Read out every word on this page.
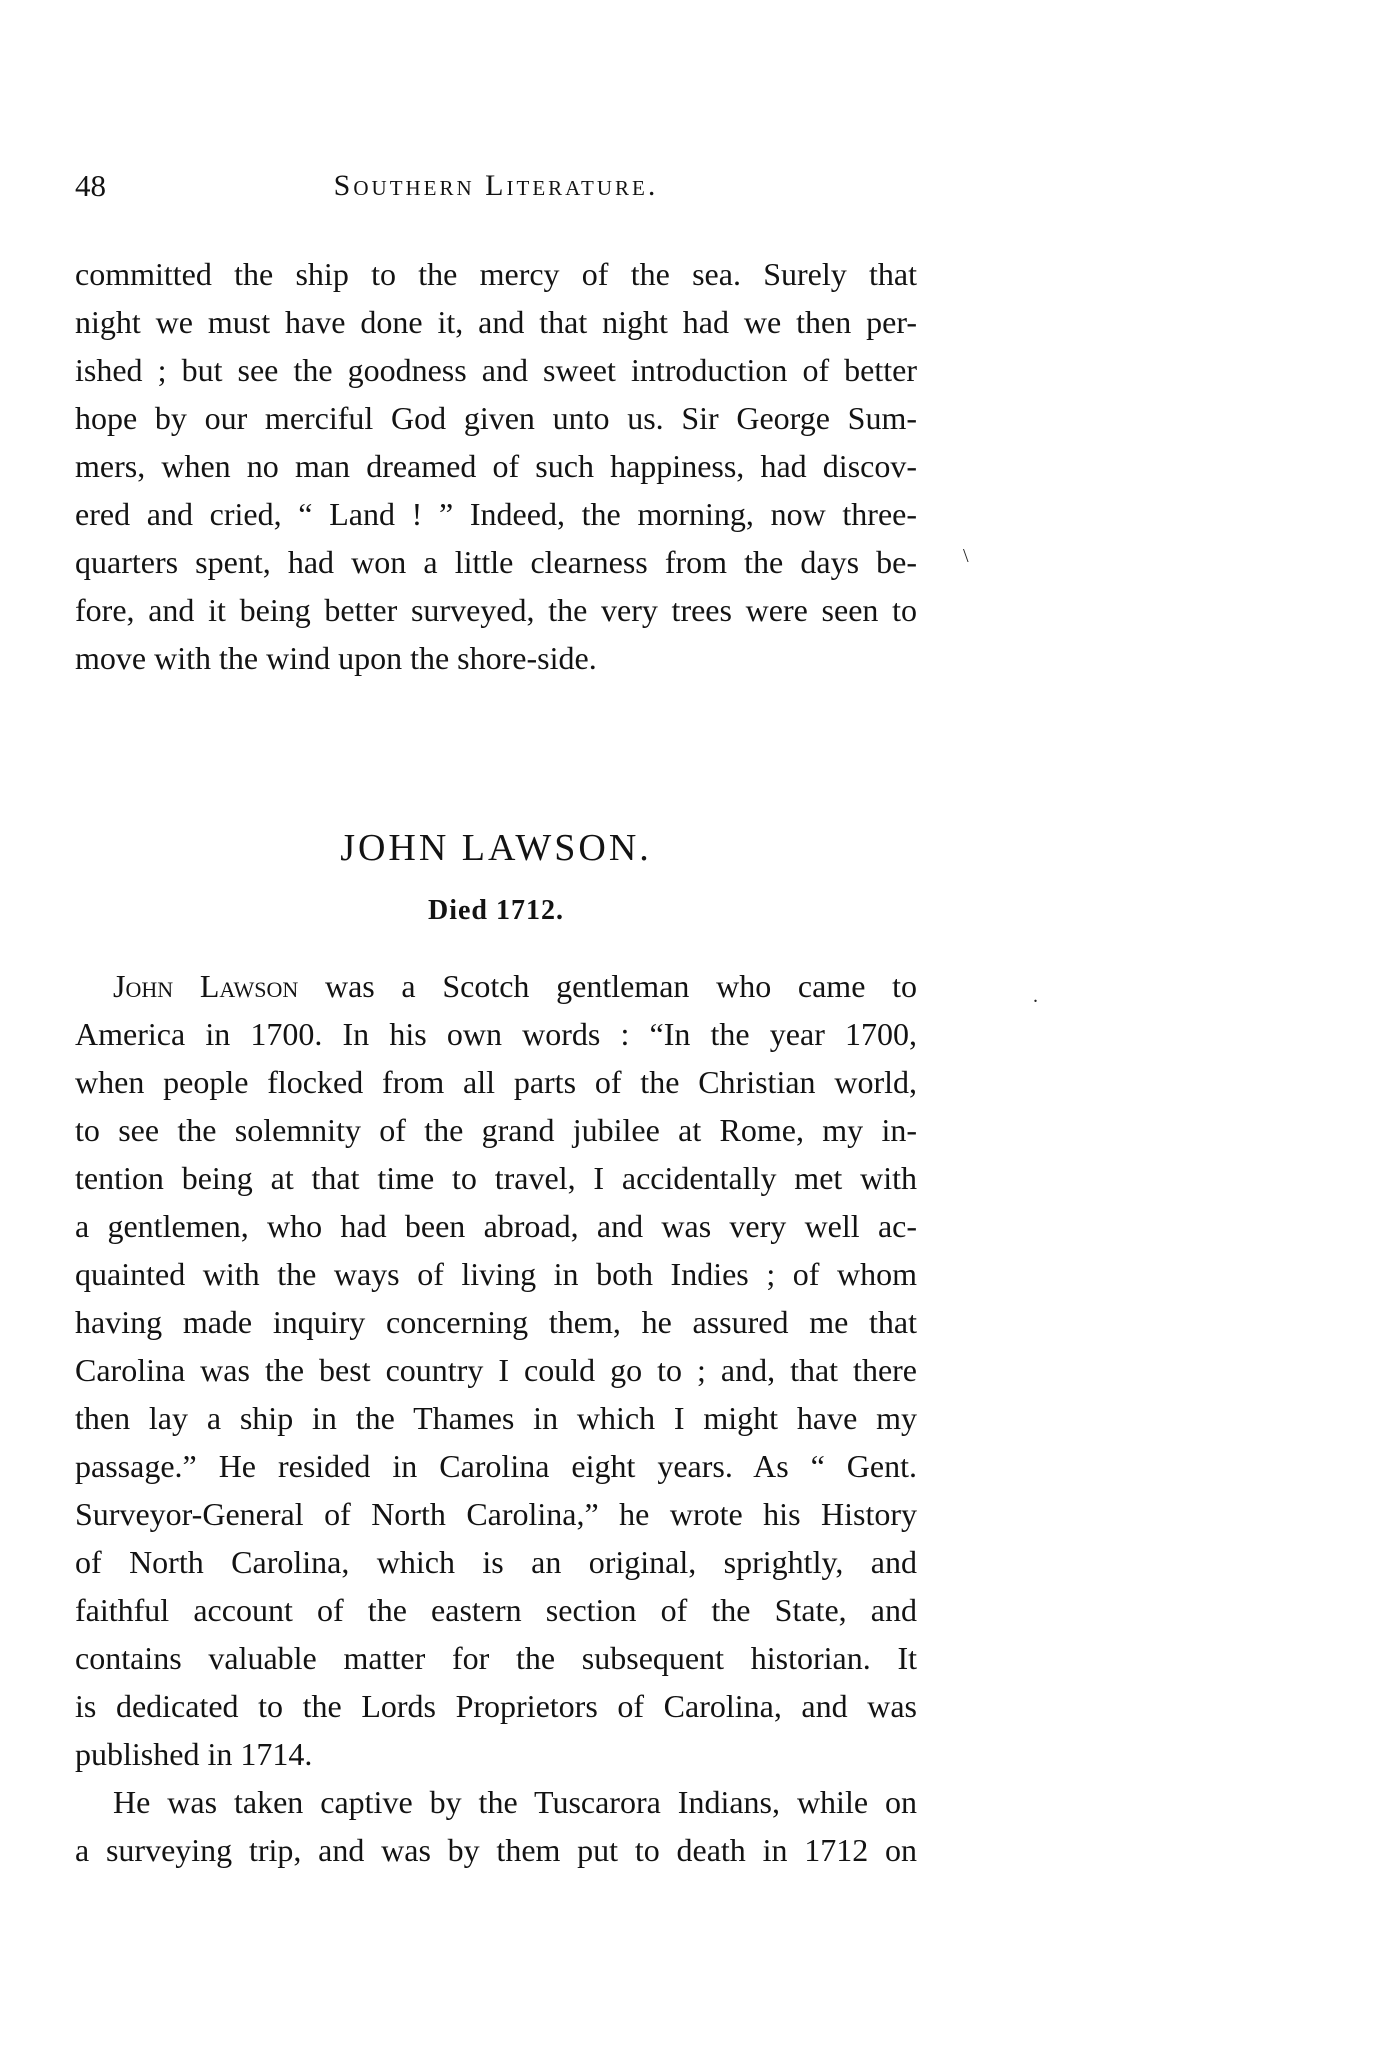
48	Southern Literature.
committed the ship to the mercy of the sea. Surely that
night we must have done it, and that night had we then per-
ished ; but see the goodness and sweet introduction of better
hope by our merciful God given unto us. Sir George Sum-
mers, when no man dreamed of such happiness, had discov-
ered and cried, “ Land ! ” Indeed, the morning, now three-
quarters spent, had won a little clearness from the days be-
fore, and it being better surveyed, the very trees were seen to
move with the wind upon the shore-side.
JOHN LAWSON.
Died 1712.
John Lawson was a Scotch gentleman who came to
America in 1700. In his own words : “In the year 1700,
when people flocked from all parts of the Christian world,
to see the solemnity of the grand jubilee at Rome, my in-
tention being at that time to travel, I accidentally met with
a gentlemen, who had been abroad, and was very well ac-
quainted with the ways of living in both Indies ; of whom
having made inquiry concerning them, he assured me that
Carolina was the best country I could go to ; and, that there
then lay a ship in the Thames in which I might have my
passage.” He resided in Carolina eight years. As “ Gent.
Surveyor-General of North Carolina,” he wrote his History
of North Carolina, which is an original, sprightly, and
faithful account of the eastern section of the State, and
contains valuable matter for the subsequent historian. It
is dedicated to the Lords Proprietors of Carolina, and was
published in 1714.
He was taken captive by the Tuscarora Indians, while on
a surveying trip, and was by them put to death in 1712 on
\
.
